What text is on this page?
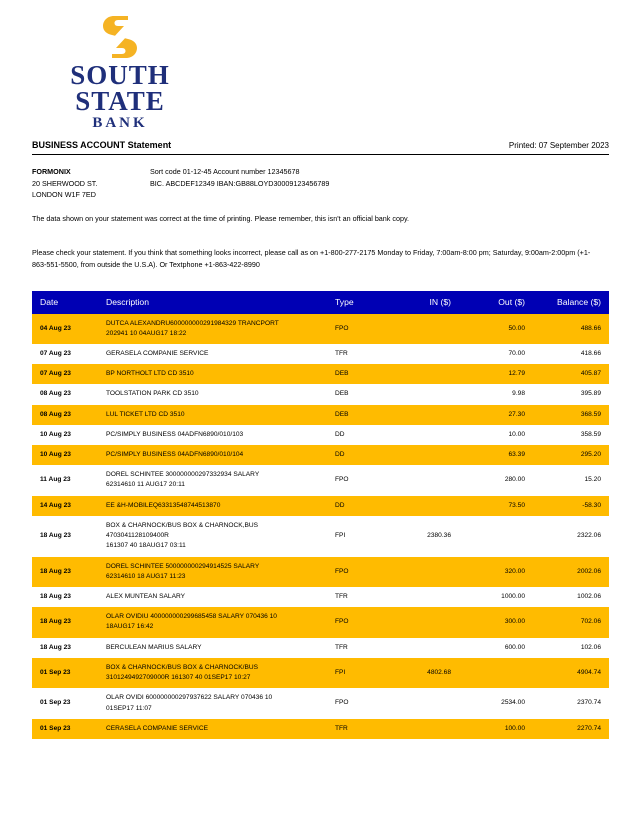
SOUTH
STATE
BANK
BUSINESS ACCOUNT Statement	Printed: 07 September 2023
FORMONIX
20 SHERWOOD ST.
LONDON W1F 7ED
Sort code 01-12-45 Account number 12345678
BIC. ABCDEF12349 IBAN:GB88LOYD30009123456789
The data shown on your statement was correct at the time of printing. Please remember, this isn't an official bank copy.
Please check your statement. If you think that something looks incorrect, please call as on +1-800-277-2175 Monday to Friday, 7:00am-8:00 pm; Saturday, 9:00am-2:00pm (+1-863-551-5500, from outside the U.S.A). Or Textphone +1-863-422-8990
Date	Description	Type	IN ($)	Out ($)	Balance ($)
04 Aug 23	DUTCA ALEXANDRU600000000291984329 TRANCPORT
202941 10 04AUG17 18:22	FPO		50.00	488.66
07 Aug 23	GERASELA COMPANIE SERVICE	TFR		70.00	418.66
07 Aug 23	BP NORTHOLT LTD CD 3510	DEB		12.79	405.87
08 Aug 23	TOOLSTATION PARK CD 3510	DEB		9.98	395.89
08 Aug 23	LUL TICKET LTD CD 3510	DEB		27.30	368.59
10 Aug 23	PC/SIMPLY BUSINESS 04ADFN6890/010/103	DD		10.00	358.59
10 Aug 23	PC/SIMPLY BUSINESS 04ADFN6890/010/104	DD		63.39	295.20
11 Aug 23	DOREL SCHINTEE 300000000297332934 SALARY
62314610 11 AUG17 20:11	FPO		280.00	15.20
14 Aug 23	EE &H-MOBILEQ63313548744513870	DD		73.50	-58.30
18 Aug 23	BOX & CHARNOCK/BUS BOX & CHARNOCK,BUS 4703041128109400R
161307 40 18AUG17 03:11	FPI	2380.36		2322.06
18 Aug 23	DOREL SCHINTEE 500000000294914525 SALARY
62314610 18 AUG17 11:23	FPO		320.00	2002.06
18 Aug 23	ALEX MUNTEAN SALARY	TFR		1000.00	1002.06
18 Aug 23	OLAR OVIDIU 400000000299685458 SALARY 070436 10
18AUG17 16:42	FPO		300.00	702.06
18 Aug 23	BERCULEAN MARIUS SALARY	TFR		600.00	102.06
01 Sep 23	BOX & CHARNOCK/BUS BOX & CHARNOCK/BUS
3101249492709000R 161307 40 01SEP17 10:27	FPI	4802.68		4904.74
01 Sep 23	OLAR OVIDI 600000000297937622 SALARY 070436 10
01SEP17 11:07	FPO		2534.00	2370.74
01 Sep 23	CERASELA COMPANIE SERVICE	TFR		100.00	2270.74
